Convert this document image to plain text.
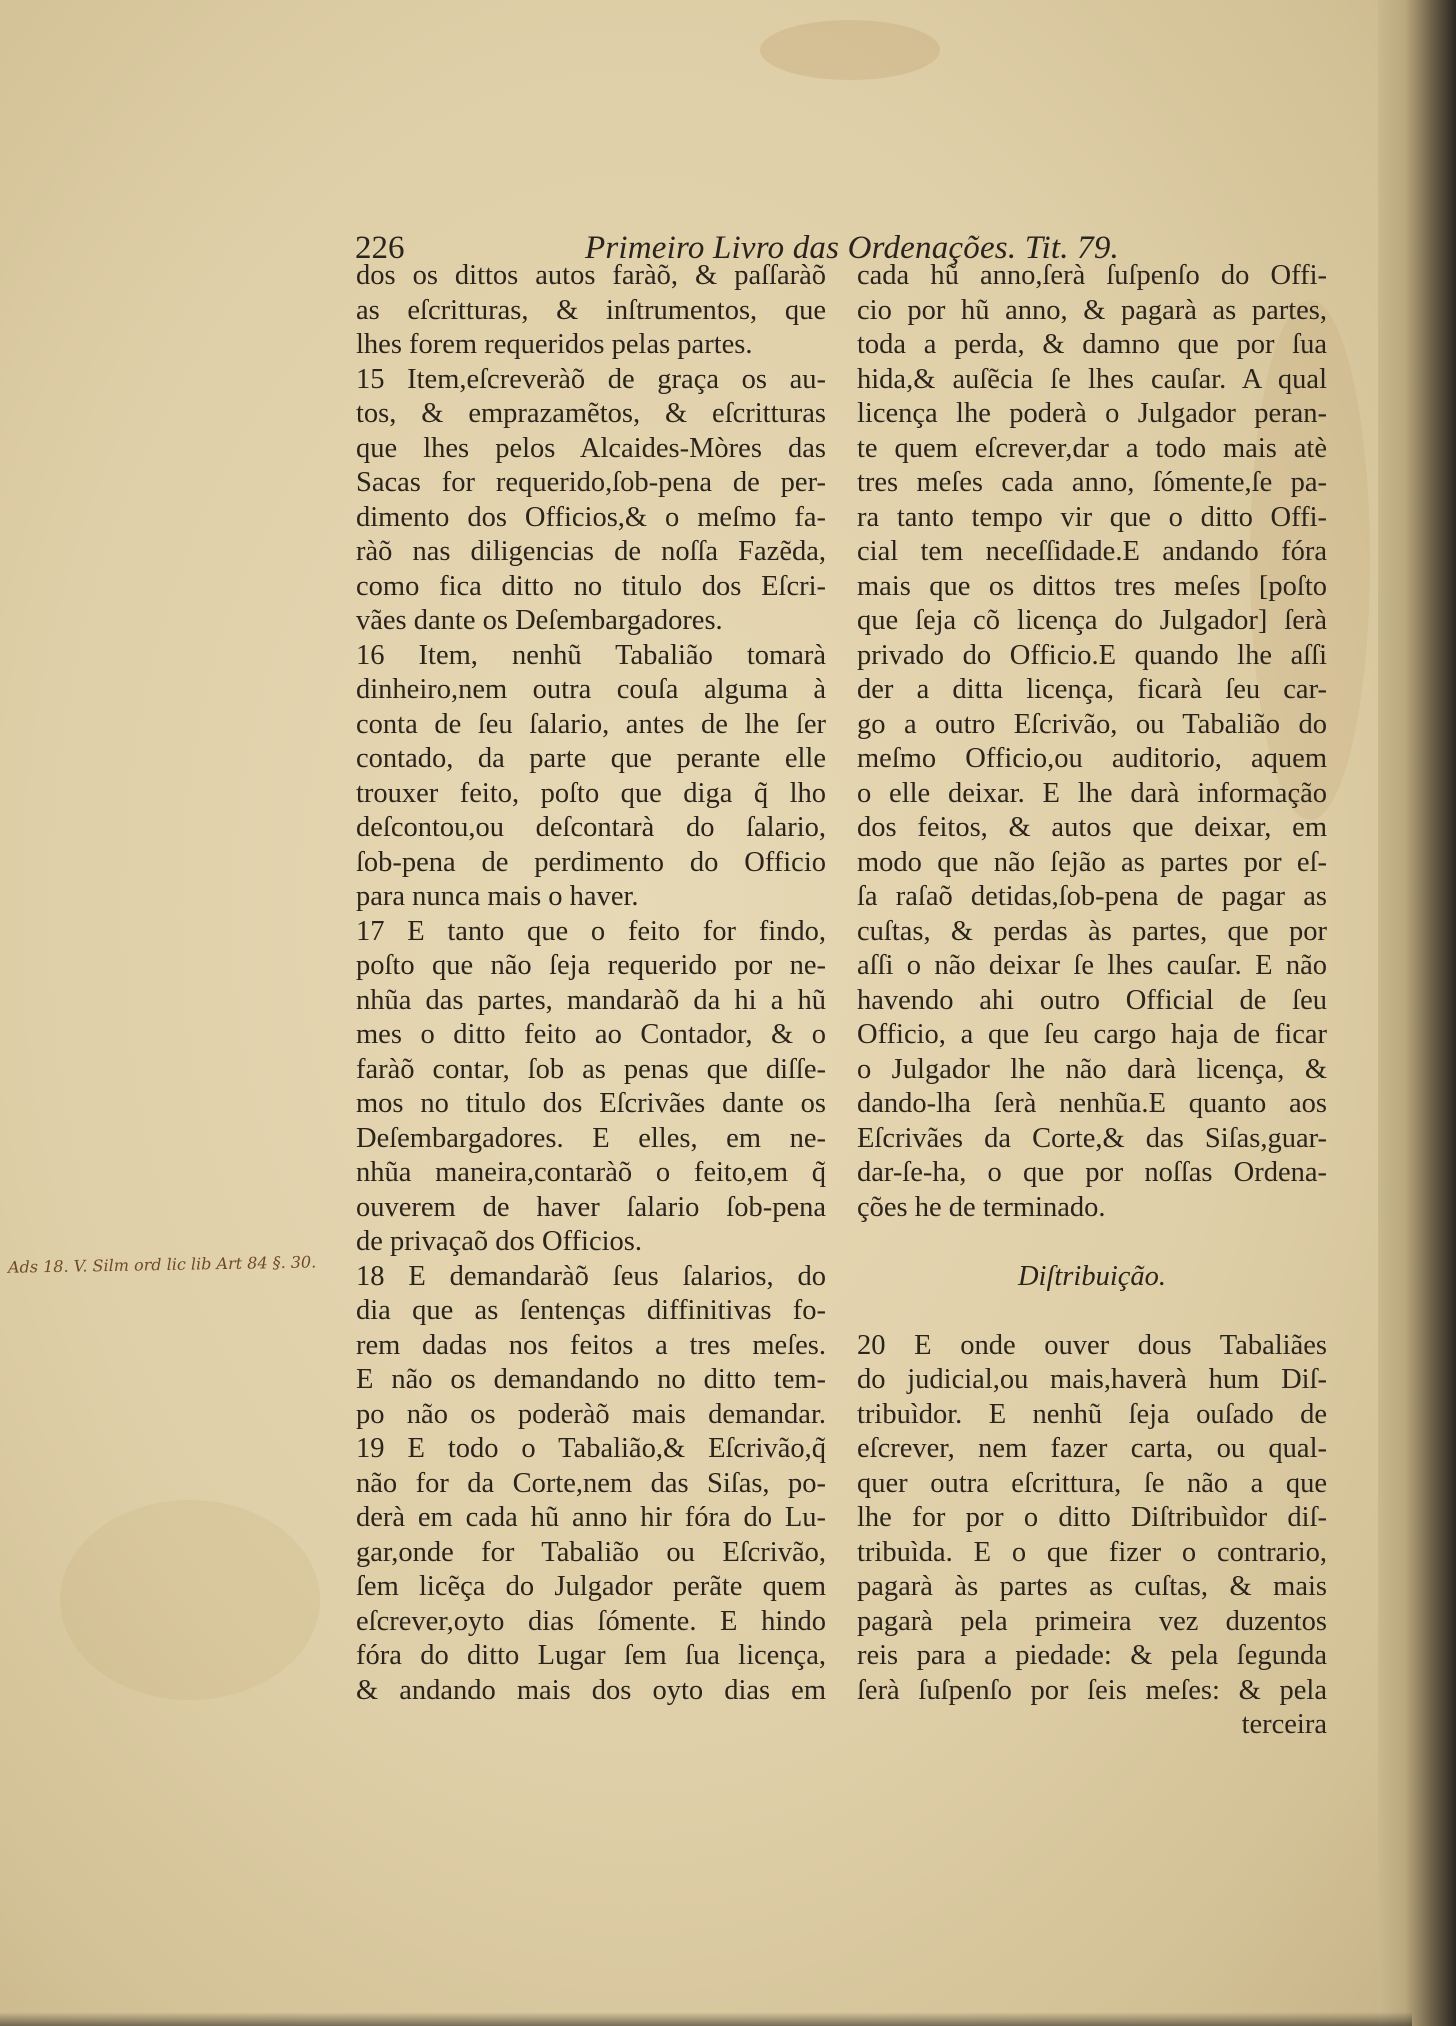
226	Primeiro Livro das Ordenações. Tit. 79.
Ads 18. V. Silm ord lic lib Art 84 §. 30.
dos os dittos autos faràõ, & paſſaràõ
as eſcritturas, & inſtrumentos, que
lhes forem requeridos pelas partes.
15 Item,eſcreveràõ de graça os au-
tos, & emprazamẽtos, & eſcritturas
que lhes pelos Alcaides-Mòres das
Sacas for requerido,ſob-pena de per-
dimento dos Officios,& o meſmo fa-
ràõ nas diligencias de noſſa Fazẽda,
como fica ditto no titulo dos Eſcri-
vães dante os Deſembargadores.
16 Item, nenhũ Tabalião tomarà
dinheiro,nem outra couſa alguma à
conta de ſeu ſalario, antes de lhe ſer
contado, da parte que perante elle
trouxer feito, poſto que diga q̃ lho
deſcontou,ou deſcontarà do ſalario,
ſob-pena de perdimento do Officio
para nunca mais o haver.
17 E tanto que o feito for findo,
poſto que não ſeja requerido por ne-
nhũa das partes, mandaràõ da hi a hũ
mes o ditto feito ao Contador, & o
faràõ contar, ſob as penas que diſſe-
mos no titulo dos Eſcrivães dante os
Deſembargadores. E elles, em ne-
nhũa maneira,contaràõ o feito,em q̃
ouverem de haver ſalario ſob-pena
de privaçaõ dos Officios.
18 E demandaràõ ſeus ſalarios, do
dia que as ſentenças diffinitivas fo-
rem dadas nos feitos a tres meſes.
E não os demandando no ditto tem-
po não os poderàõ mais demandar.
19 E todo o Tabalião,& Eſcrivão,q̃
não for da Corte,nem das Siſas, po-
derà em cada hũ anno hir fóra do Lu-
gar,onde for Tabalião ou Eſcrivão,
ſem licẽça do Julgador perãte quem
eſcrever,oyto dias ſómente. E hindo
fóra do ditto Lugar ſem ſua licença,
& andando mais dos oyto dias em
cada hũ anno,ſerà ſuſpenſo do Offi-
cio por hũ anno, & pagarà as partes,
toda a perda, & damno que por ſua
hida,& auſẽcia ſe lhes cauſar. A qual
licença lhe poderà o Julgador peran-
te quem eſcrever,dar a todo mais atè
tres meſes cada anno, ſómente,ſe pa-
ra tanto tempo vir que o ditto Offi-
cial tem neceſſidade.E andando fóra
mais que os dittos tres meſes [poſto
que ſeja cõ licença do Julgador] ſerà
privado do Officio.E quando lhe aſſi
der a ditta licença, ficarà ſeu car-
go a outro Eſcrivão, ou Tabalião do
meſmo Officio,ou auditorio, aquem
o elle deixar. E lhe darà informação
dos feitos, & autos que deixar, em
modo que não ſejão as partes por eſ-
ſa raſaõ detidas,ſob-pena de pagar as
cuſtas, & perdas às partes, que por
aſſi o não deixar ſe lhes cauſar. E não
havendo ahi outro Official de ſeu
Officio, a que ſeu cargo haja de ficar
o Julgador lhe não darà licença, &
dando-lha ſerà nenhũa.E quanto aos
Eſcrivães da Corte,& das Siſas,guar-
dar-ſe-ha, o que por noſſas Ordena-
ções he de terminado.
Diſtribuição.
20 E onde ouver dous Tabaliães
do judicial,ou mais,haverà hum Diſ-
tribuìdor. E nenhũ ſeja ouſado de
eſcrever, nem fazer carta, ou qual-
quer outra eſcrittura, ſe não a que
lhe for por o ditto Diſtribuìdor diſ-
tribuìda. E o que fizer o contrario,
pagarà às partes as cuſtas, & mais
pagarà pela primeira vez duzentos
reis para a piedade: & pela ſegunda
ſerà ſuſpenſo por ſeis meſes: & pela
terceira
